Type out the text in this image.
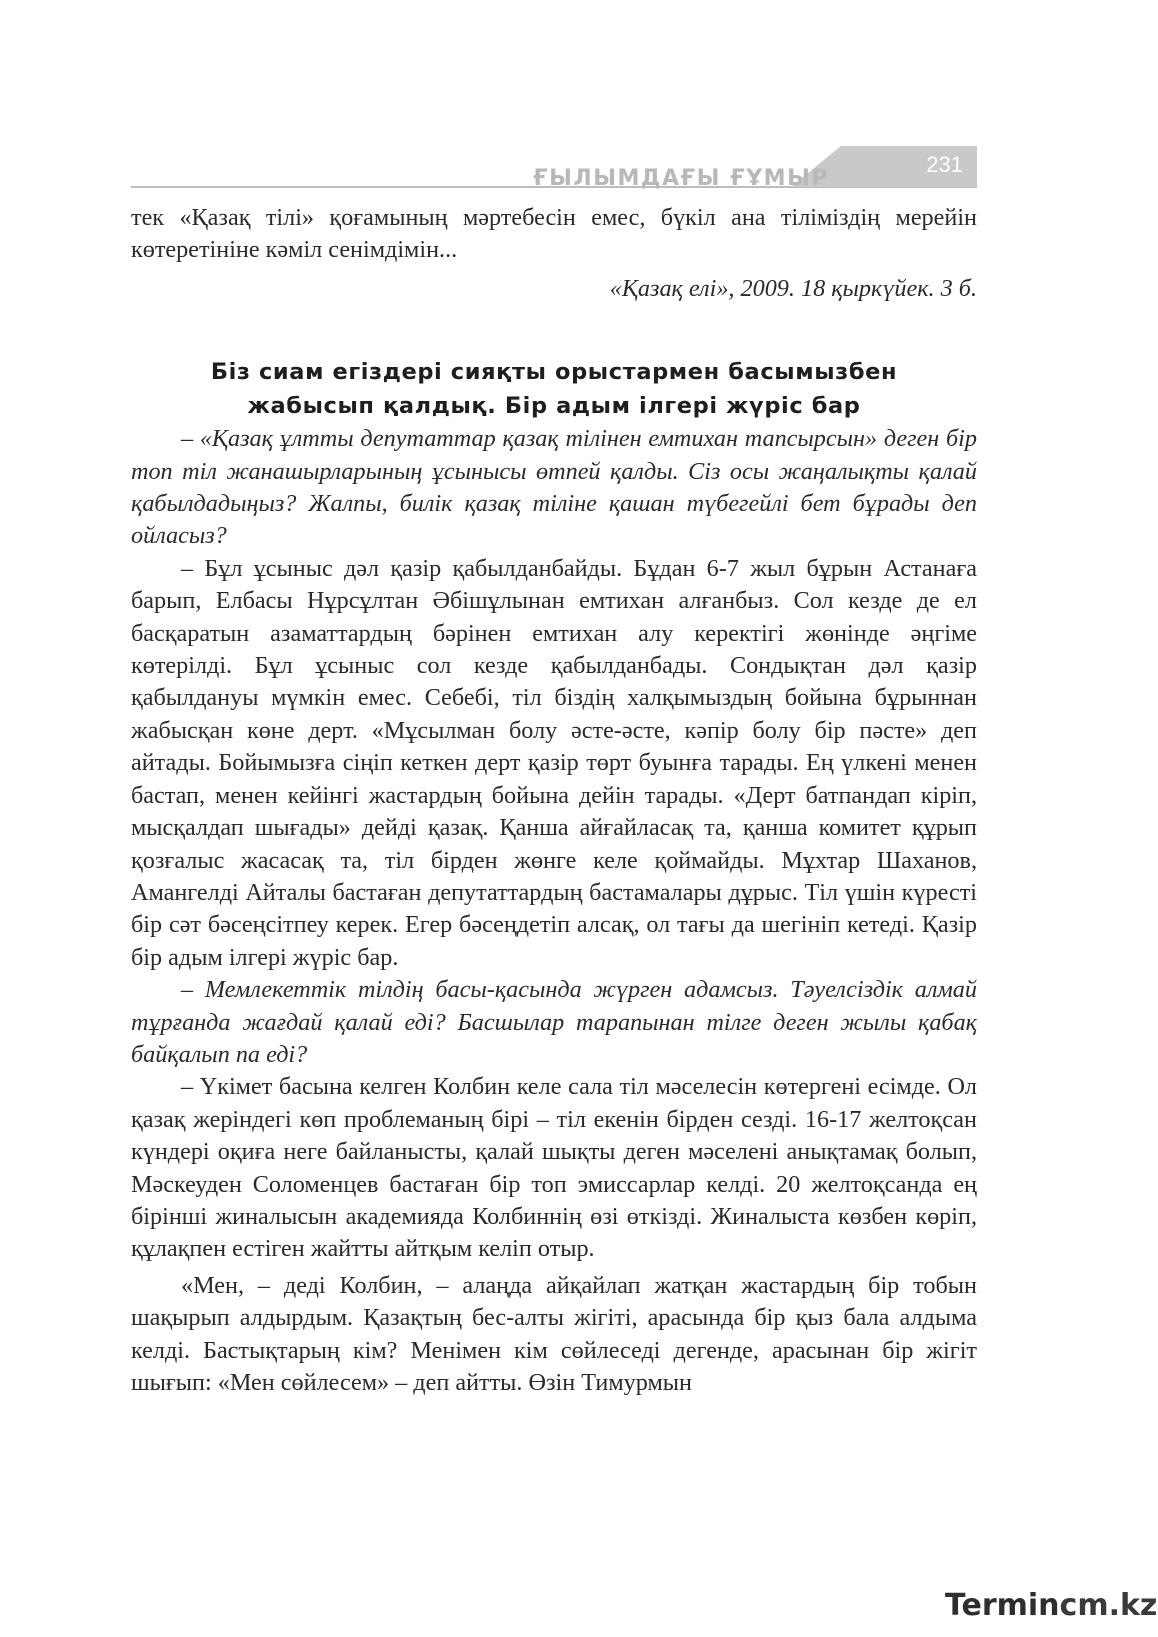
ҒЫЛЫМДАҒЫ ҒҰМЫР
231

тек «Қазақ тілі» қоғамының мәртебесін емес, бүкіл ана тіліміздің мерейін көтеретініне кәміл сенімдімін...

«Қазақ елі», 2009. 18 қыркүйек. 3 б.

Біз сиам егіздері сияқты орыстармен басымызбен
жабысып қалдық. Бір адым ілгері жүріс бар

– «Қазақ ұлтты депутаттар қазақ тілінен емтихан тапсырсын» деген бір топ тіл жанашырларының ұсынысы өтпей қалды. Сіз осы жаңалықты қалай қабылдадыңыз? Жалпы, билік қазақ тіліне қашан түбегейлі бет бұрады деп ойласыз?

– Бұл ұсыныс дәл қазір қабылданбайды. Бұдан 6-7 жыл бұрын Астанаға барып, Елбасы Нұрсұлтан Әбішұлынан емтихан алғанбыз. Сол кезде де ел басқаратын азаматтардың бәрінен емтихан алу керектігі жөнінде әңгіме көтерілді. Бұл ұсыныс сол кезде қабылданбады. Сондықтан дәл қазір қабылдануы мүмкін емес. Себебі, тіл біздің халқымыздың бойына бұрыннан жабысқан көне дерт. «Мұсылман болу əсте-əсте, кәпір болу бір пәсте» деп айтады. Бойымызға сіңіп кеткен дерт қазір төрт буынға тарады. Ең үлкені менен бастап, менен кейінгі жастардың бойына дейін тарады. «Дерт батпандап кіріп, мысқалдап шығады» дейді қазақ. Қанша айғайласақ та, қанша комитет құрып қозғалыс жасасақ та, тіл бірден жөнге келе қоймайды. Мұхтар Шаханов, Амангелді Айталы бастаған депутаттардың бастамалары дұрыс. Тіл үшін күресті бір сәт бәсеңсітпеу керек. Егер бәсеңдетіп алсақ, ол тағы да шегініп кетеді. Қазір бір адым ілгері жүріс бар.

– Мемлекеттік тілдің басы-қасында жүрген адамсыз. Тәуелсіздік алмай тұрғанда жағдай қалай еді? Басшылар тарапынан тілге деген жылы қабақ байқалып па еді?

– Үкімет басына келген Колбин келе сала тіл мәселесін көтергені есімде. Ол қазақ жеріндегі көп проблеманың бірі – тіл екенін бірден сезді. 16-17 желтоқсан күндері оқиға неге байланысты, қалай шықты деген мәселені анықтамақ болып, Мәскеуден Соломенцев бастаған бір топ эмиссарлар келді. 20 желтоқсанда ең бірінші жиналысын академияда Колбиннің өзі өткізді. Жиналыста көзбен көріп, құлақпен естіген жайтты айтқым келіп отыр.

«Мен, – деді Колбин, – алаңда айқайлап жатқан жастардың бір тобын шақырып алдырдым. Қазақтың бес-алты жігіті, арасында бір қыз бала алдыма келді. Бастықтарың кім? Менімен кім сөйлеседі дегенде, арасынан бір жігіт шығып: «Мен сөйлесем» – деп айтты. Өзін Тимурмын

Termincm.kz
